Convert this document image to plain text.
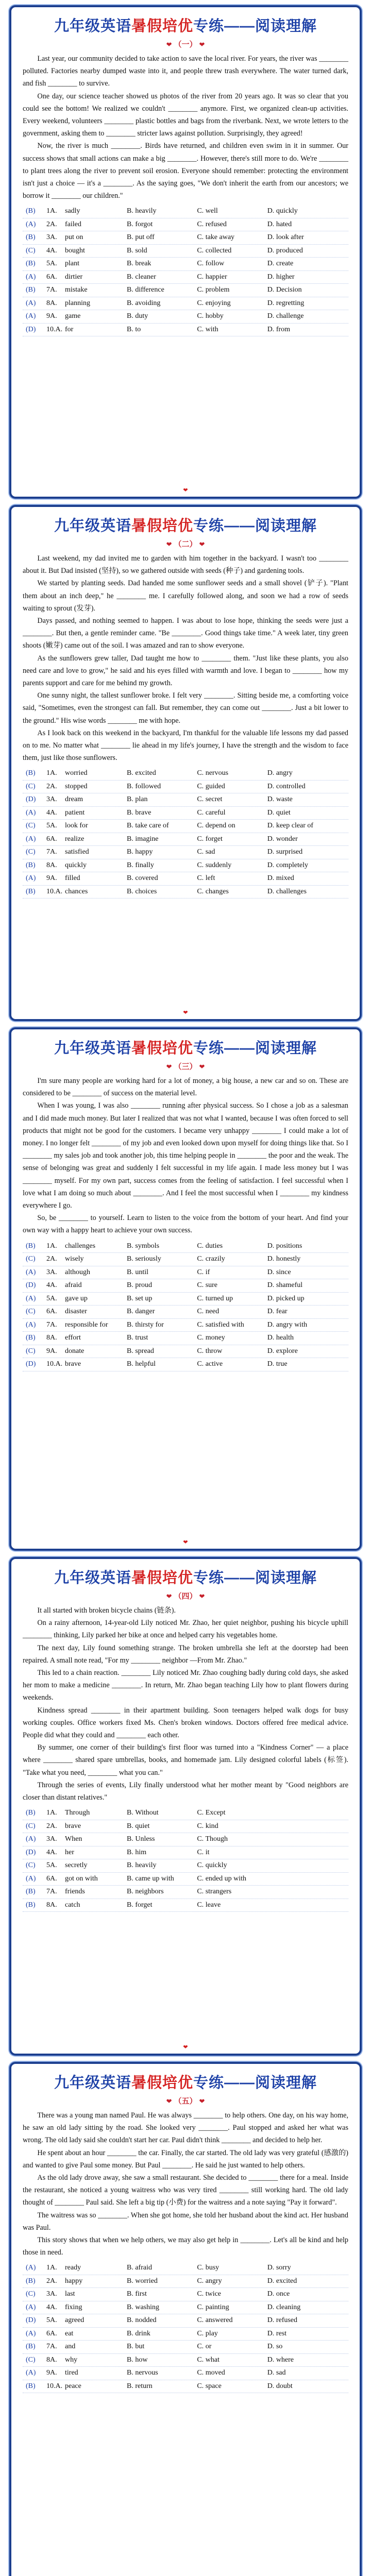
九年级英语暑假培优专练——阅读理解
❤ （一） ❤

Last year, our community decided to take action to save the local river. For years, the river was ________ polluted. Factories nearby dumped waste into it, and people threw trash everywhere. The water turned dark, and fish ________ to survive.

One day, our science teacher showed us photos of the river from 20 years ago. It was so clear that you could see the bottom! We realized we couldn't ________ anymore. First, we organized clean-up activities. Every weekend, volunteers ________ plastic bottles and bags from the riverbank. Next, we wrote letters to the government, asking them to ________ stricter laws against pollution. Surprisingly, they agreed!

Now, the river is much ________. Birds have returned, and children even swim in it in summer. Our success shows that small actions can make a big ________. However, there's still more to do. We're ________ to plant trees along the river to prevent soil erosion. Everyone should remember: protecting the environment isn't just a choice — it's a ________. As the saying goes, "We don't inherit the earth from our ancestors; we borrow it ________ our children."

(B) 1A. sadly	B. heavily	C. well	D. quickly
(A) 2A. failed	B. forgot	C. refused	D. hated
(B) 3A. put on	B. put off	C. take away	D. look after
(C) 4A. bought	B. sold	C. collected	D. produced
(B) 5A. plant	B. break	C. follow	D. create
(A) 6A. dirtier	B. cleaner	C. happier	D. higher
(B) 7A. mistake	B. difference	C. problem	D. Decision
(A) 8A. planning	B. avoiding	C. enjoying	D. regretting
(A) 9A. game	B. duty	C. hobby	D. challenge
(D) 10.A. for	B. to	C. with	D. from
❤
九年级英语暑假培优专练——阅读理解
❤ （二） ❤

Last weekend, my dad invited me to garden with him together in the backyard. I wasn't too ________ about it. But Dad insisted (坚持), so we gathered outside with seeds (种子) and gardening tools.

We started by planting seeds. Dad handed me some sunflower seeds and a small shovel (铲子). "Plant them about an inch deep," he ________ me. I carefully followed along, and soon we had a row of seeds waiting to sprout (发芽).

Days passed, and nothing seemed to happen. I was about to lose hope, thinking the seeds were just a ________. But then, a gentle reminder came. "Be ________. Good things take time." A week later, tiny green shoots (嫩芽) came out of the soil. I was amazed and ran to show everyone.

As the sunflowers grew taller, Dad taught me how to ________ them. "Just like these plants, you also need care and love to grow," he said and his eyes filled with warmth and love. I began to ________ how my parents support and care for me behind my growth.

One sunny night, the tallest sunflower broke. I felt very ________. Sitting beside me, a comforting voice said, "Sometimes, even the strongest can fall. But remember, they can come out ________. Just a bit lower to the ground." His wise words ________ me with hope.

As I look back on this weekend in the backyard, I'm thankful for the valuable life lessons my dad passed on to me. No matter what ________ lie ahead in my life's journey, I have the strength and the wisdom to face them, just like those sunflowers.

(B) 1A. worried	B. excited	C. nervous	D. angry
(C) 2A. stopped	B. followed	C. guided	D. controlled
(D) 3A. dream	B. plan	C. secret	D. waste
(A) 4A. patient	B. brave	C. careful	D. quiet
(C) 5A. look for	B. take care of	C. depend on	D. keep clear of
(A) 6A. realize	B. imagine	C. forget	D. wonder
(C) 7A. satisfied	B. happy	C. sad	D. surprised
(B) 8A. quickly	B. finally	C. suddenly	D. completely
(A) 9A. filled	B. covered	C. left	D. mixed
(B) 10.A. chances	B. choices	C. changes	D. challenges
❤
九年级英语暑假培优专练——阅读理解
❤ （三） ❤

I'm sure many people are working hard for a lot of money, a big house, a new car and so on. These are considered to be ________ of success on the material level.

When I was young, I was also ________ running after physical success. So I chose a job as a salesman and I did made much money. But later I realized that was not what I wanted, because I was often forced to sell products that might not be good for the customers. I became very unhappy ________ I could make a lot of money. I no longer felt ________ of my job and even looked down upon myself for doing things like that. So I ________ my sales job and took another job, this time helping people in ________ the poor and the weak. The sense of belonging was great and suddenly I felt successful in my life again. I made less money but I was ________ myself. For my own part, success comes from the feeling of satisfaction. I feel successful when I love what I am doing so much about ________. And I feel the most successful when I ________ my kindness everywhere I go.

So, be ________ to yourself. Learn to listen to the voice from the bottom of your heart. And find your own way with a happy heart to achieve your own success.

(B) 1A. challenges	B. symbols	C. duties	D. positions
(C) 2A. wisely	B. seriously	C. crazily	D. honestly
(A) 3A. although	B. until	C. if	D. since
(D) 4A. afraid	B. proud	C. sure	D. shameful
(A) 5A. gave up	B. set up	C. turned up	D. picked up
(C) 6A. disaster	B. danger	C. need	D. fear
(A) 7A. responsible for	B. thirsty for	C. satisfied with	D. angry with
(B) 8A. effort	B. trust	C. money	D. health
(C) 9A. donate	B. spread	C. throw	D. explore
(D) 10.A. brave	B. helpful	C. active	D. true
❤
九年级英语暑假培优专练——阅读理解
❤ （四） ❤

It all started with broken bicycle chains (链条).

On a rainy afternoon, 14-year-old Lily noticed Mr. Zhao, her quiet neighbor, pushing his bicycle uphill ________ thinking, Lily parked her bike at once and helped carry his vegetables home.

The next day, Lily found something strange. The broken umbrella she left at the doorstep had been repaired. A small note read, "For my ________ neighbor —From Mr. Zhao."

This led to a chain reaction. ________ Lily noticed Mr. Zhao coughing badly during cold days, she asked her mom to make a medicine ________. In return, Mr. Zhao began teaching Lily how to plant flowers during weekends.

Kindness spread ________ in their apartment building. Soon teenagers helped walk dogs for busy working couples. Office workers fixed Ms. Chen's broken windows. Doctors offered free medical advice. People did what they could and ________ each other.

By summer, one corner of their building's first floor was turned into a "Kindness Corner" — a place where ________ shared spare umbrellas, books, and homemade jam. Lily designed colorful labels (标签). "Take what you need, ________ what you can."

Through the series of events, Lily finally understood what her mother meant by "Good neighbors are closer than distant relatives."

(B) 1A. Through	B. Without	C. Except
(C) 2A. brave	B. quiet	C. kind
(A) 3A. When	B. Unless	C. Though
(D) 4A. her	B. him	C. it
(C) 5A. secretly	B. heavily	C. quickly
(A) 6A. got on with	B. came up with	C. ended up with
(B) 7A. friends	B. neighbors	C. strangers
(B) 8A. catch	B. forget	C. leave
❤
九年级英语暑假培优专练——阅读理解
❤ （五） ❤

There was a young man named Paul. He was always ________ to help others. One day, on his way home, he saw an old lady sitting by the road. She looked very ________. Paul stopped and asked her what was wrong. The old lady said she couldn't start her car. Paul didn't think ________ and decided to help her.

He spent about an hour ________ the car. Finally, the car started. The old lady was very grateful (感激的) and wanted to give Paul some money. But Paul ________. He said he just wanted to help others.

As the old lady drove away, she saw a small restaurant. She decided to ________ there for a meal. Inside the restaurant, she noticed a young waitress who was very tired ________ still working hard. The old lady thought of ________ Paul said. She left a big tip (小费) for the waitress and a note saying "Pay it forward".

The waitress was so ________. When she got home, she told her husband about the kind act. Her husband was Paul.

This story shows that when we help others, we may also get help in ________. Let's all be kind and help those in need.

(A) 1A. ready	B. afraid	C. busy	D. sorry
(B) 2A. happy	B. worried	C. angry	D. excited
(C) 3A. last	B. first	C. twice	D. once
(A) 4A. fixing	B. washing	C. painting	D. cleaning
(D) 5A. agreed	B. nodded	C. answered	D. refused
(A) 6A. eat	B. drink	C. play	D. rest
(B) 7A. and	B. but	C. or	D. so
(C) 8A. why	B. how	C. what	D. where
(A) 9A. tired	B. nervous	C. moved	D. sad
(B) 10.A. peace	B. return	C. space	D. doubt
